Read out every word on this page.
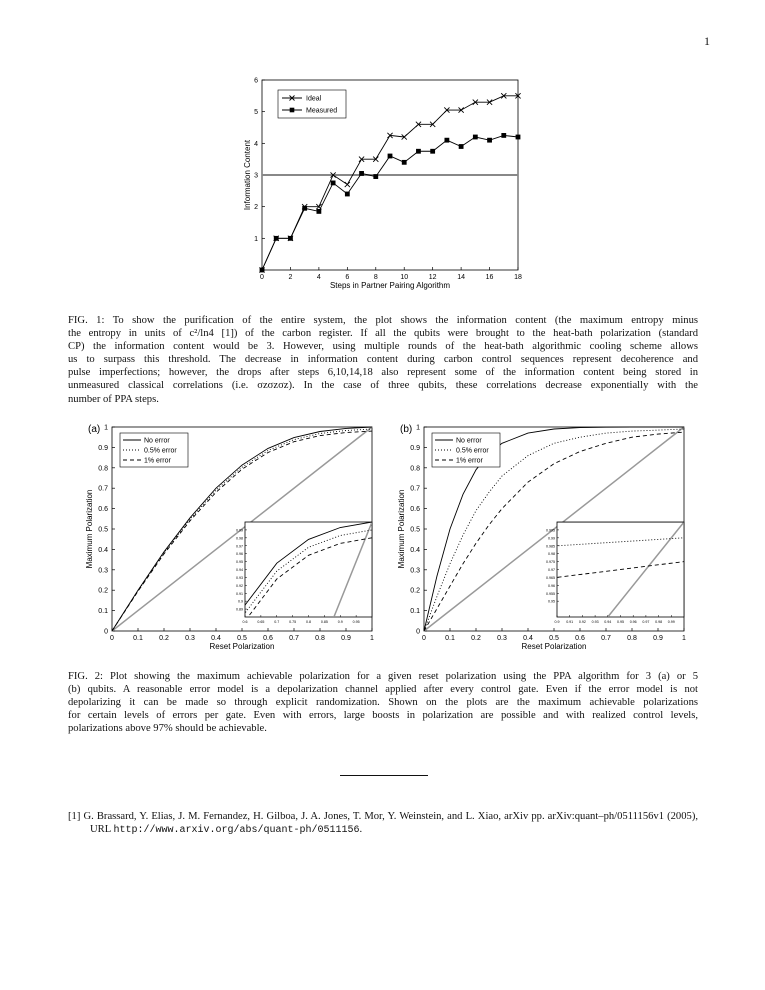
1
0	2	4	6	8	10	12	14	16	18
1
2
3
4
5
6
Steps in Partner Pairing Algorithm
Information Content
Ideal
Measured
FIG. 1: To show the purification of the entire system, the plot shows the information content (the maximum entropy minus
the entropy in units of c²/ln4 [1]) of the carbon register. If all the qubits were brought to the heat-bath polarization (standard
CP) the information content would be 3. However, using multiple rounds of the heat-bath algorithmic cooling scheme allows
us to surpass this threshold. The decrease in information content during carbon control sequences represent decoherence and
pulse imperfections; however, the drops after steps 6,10,14,18 also represent some of the information content being stored in
unmeasured classical correlations (i.e. σzσzσz). In the case of three qubits, these correlations decrease exponentially with the
number of PPA steps.
(a)
0	0.1 0.2 0.3 0.4 0.5 0.6 0.7 0.8 0.9	1
0
0.1
0.2
0.3
0.4
0.5
0.6
0.7
0.8
0.9
1
Reset Polarization
Maximum Polarization
No error
0.5% error
1% error
0.6	0.65	0.7	0.75	0.8	0.85	0.9	0.95
0.89
0.9
0.91
0.92
0.93
0.94
0.95
0.96
0.97
0.98
0.99
(b)
0	0.1 0.2 0.3 0.4 0.5 0.6 0.7 0.8 0.9	1
0
0.1
0.2
0.3
0.4
0.5
0.6
0.7
0.8
0.9
1
Reset Polarization
Maximum Polarization
No error
0.5% error
1% error
0.9 0.91 0.92 0.93 0.94 0.95 0.96 0.97 0.98 0.99
0.95
0.955
0.96
0.965
0.97
0.975
0.98
0.985
0.99
0.995
FIG. 2: Plot showing the maximum achievable polarization for a given reset polarization using the PPA algorithm for 3 (a) or 5
(b) qubits. A reasonable error model is a depolarization channel applied after every control gate. Even if the error model is not
depolarizing it can be made so through explicit randomization. Shown on the plots are the maximum achievable polarizations
for certain levels of errors per gate. Even with errors, large boosts in polarization are possible and with realized control levels,
polarizations above 97% should be achievable.

[1] G. Brassard, Y. Elias, J. M. Fernandez, H. Gilboa, J. A. Jones, T. Mor, Y. Weinstein, and L. Xiao, arXiv pp. arXiv:quant–ph/0511156v1 (2005), URL http://www.arxiv.org/abs/quant-ph/0511156.
